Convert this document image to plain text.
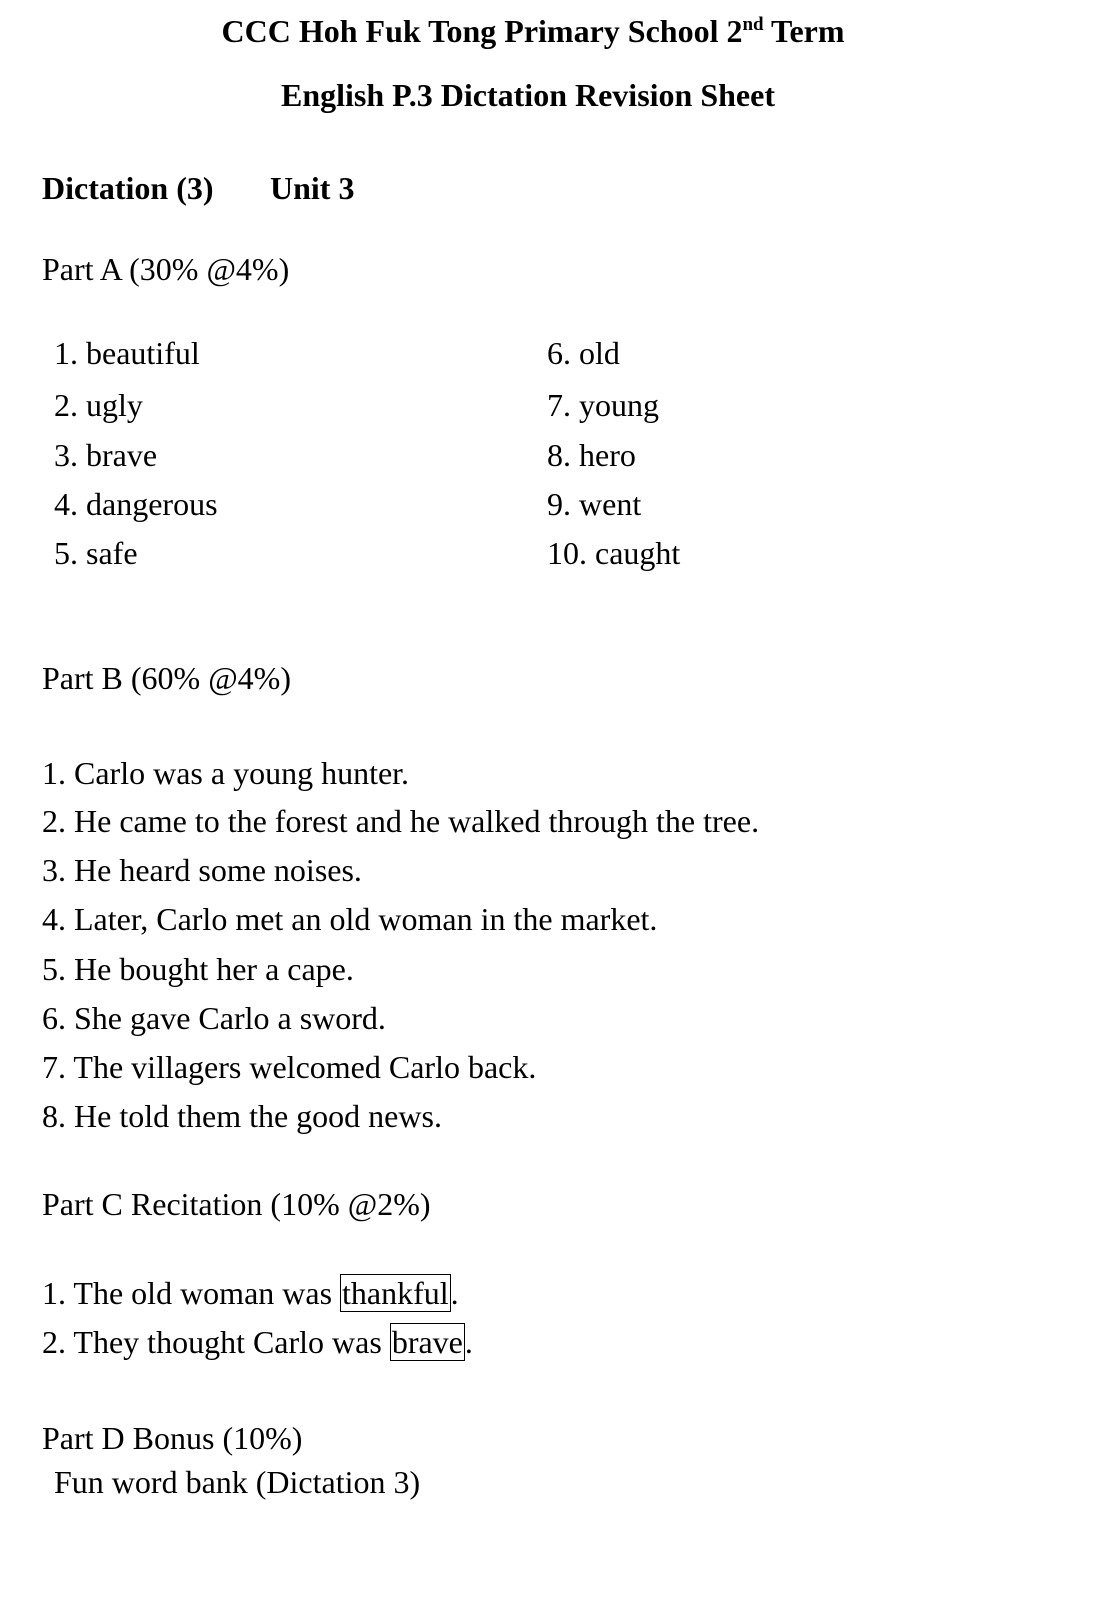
CCC Hoh Fuk Tong Primary School 2nd Term
English P.3 Dictation Revision Sheet
Dictation (3) Unit 3
Part A (30% @4%)
1. beautiful
2. ugly
3. brave
4. dangerous
5. safe
6. old
7. young
8. hero
9. went
10. caught
Part B (60% @4%)
1. Carlo was a young hunter.
2. He came to the forest and he walked through the tree.
3. He heard some noises.
4. Later, Carlo met an old woman in the market.
5. He bought her a cape.
6. She gave Carlo a sword.
7. The villagers welcomed Carlo back.
8. He told them the good news.
Part C Recitation (10% @2%)
1. The old woman was thankful.
2. They thought Carlo was brave.
Part D Bonus (10%)
Fun word bank (Dictation 3)
